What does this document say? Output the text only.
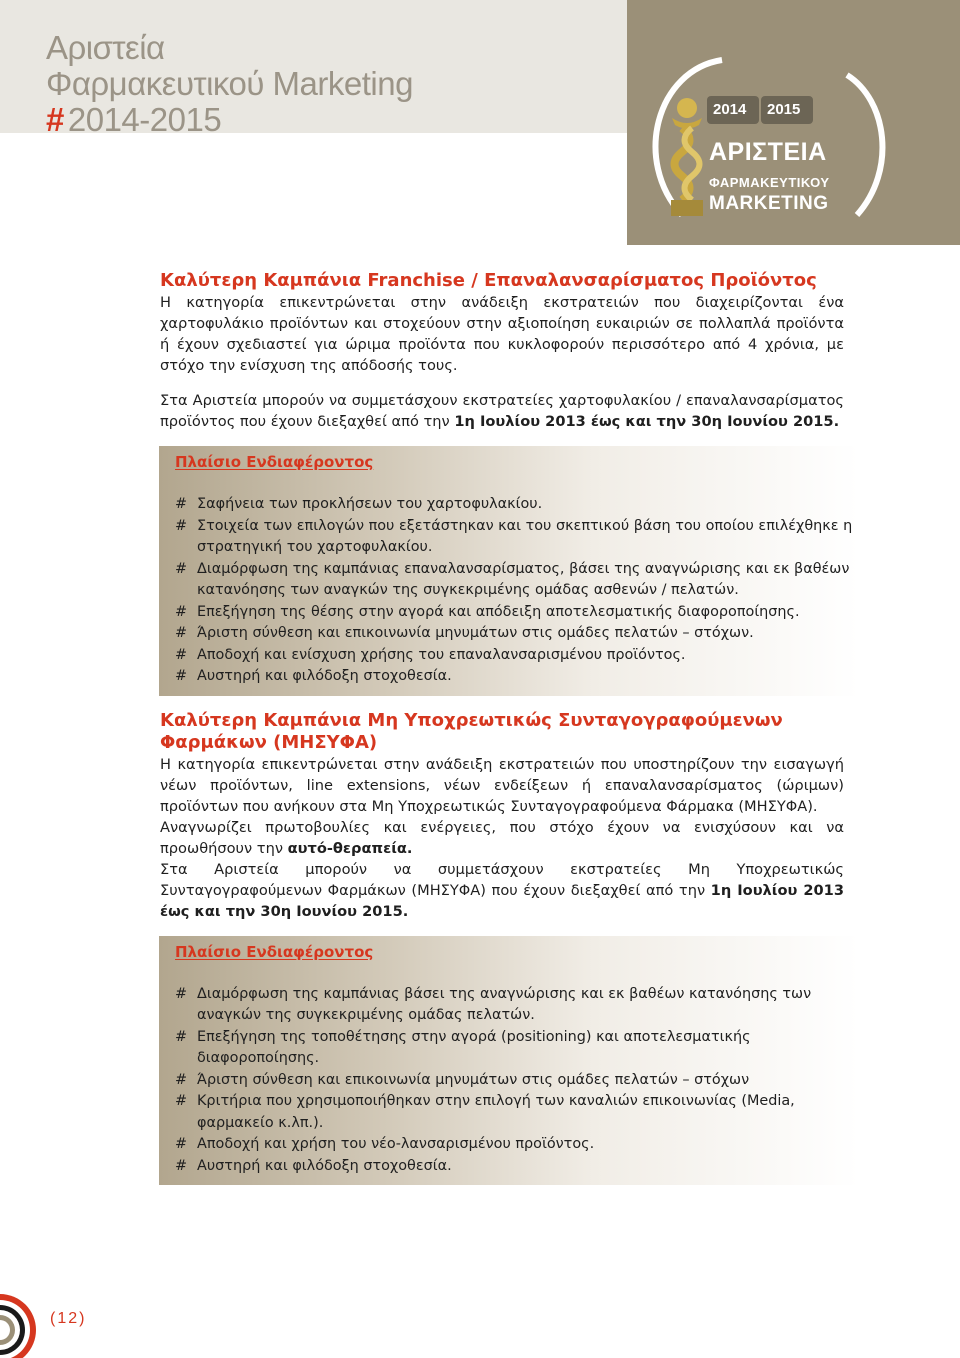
Αριστεία
Φαρμακευτικού Marketing
# 2014-2015	2014 2015
ΑΡΙΣΤΕΙΑ
ΦΑΡΜΑΚΕΥΤΙΚΟΥ
MARKETING
Καλύτερη Καμπάνια Franchise / Επαναλανσαρίσματος Προϊόντος

Η κατηγορία επικεντρώνεται στην ανάδειξη εκστρατειών που διαχειρίζονται ένα χαρτοφυλάκιο προϊόντων και στοχεύουν στην αξιοποίηση ευκαιριών σε πολλαπλά προϊόντα ή έχουν σχεδιαστεί για ώριμα προϊόντα που κυκλοφορούν περισσότερο από 4 χρόνια, με στόχο την ενίσχυση της απόδοσής τους.

Στα Αριστεία μπορούν να συμμετάσχουν εκστρατείες χαρτοφυλακίου / επαναλανσαρίσματος προϊόντος που έχουν διεξαχθεί από την 1η Ιουλίου 2013 έως και την 30η Ιουνίου 2015.

Πλαίσιο Ενδιαφέροντος

# Σαφήνεια των προκλήσεων του χαρτοφυλακίου.
# Στοιχεία των επιλογών που εξετάστηκαν και του σκεπτικού βάση του οποίου επιλέχθηκε η στρατηγική του χαρτοφυλακίου.
# Διαμόρφωση της καμπάνιας επαναλανσαρίσματος, βάσει της αναγνώρισης και εκ βαθέων κατανόησης των αναγκών της συγκεκριμένης ομάδας ασθενών / πελατών.
# Επεξήγηση της θέσης στην αγορά και απόδειξη αποτελεσματικής διαφοροποίησης.
# Άριστη σύνθεση και επικοινωνία μηνυμάτων στις ομάδες πελατών – στόχων.
# Αποδοχή και ενίσχυση χρήσης του επαναλανσαρισμένου προϊόντος.
# Αυστηρή και φιλόδοξη στοχοθεσία.
Καλύτερη Καμπάνια Μη Υποχρεωτικώς Συνταγογραφούμενων Φαρμάκων (ΜΗΣΥΦΑ)

Η κατηγορία επικεντρώνεται στην ανάδειξη εκστρατειών που υποστηρίζουν την εισαγωγή νέων προϊόντων, line extensions, νέων ενδείξεων ή επαναλανσαρίσματος (ώριμων) προϊόντων που ανήκουν στα Μη Υποχρεωτικώς Συνταγογραφούμενα Φάρμακα (ΜΗΣΥΦΑ).

Αναγνωρίζει πρωτοβουλίες και ενέργειες, που στόχο έχουν να ενισχύσουν και να προωθήσουν την αυτό-θεραπεία.

Στα Αριστεία μπορούν να συμμετάσχουν εκστρατείες Μη Υποχρεωτικώς Συνταγογραφούμενων Φαρμάκων (ΜΗΣΥΦΑ) που έχουν διεξαχθεί από την 1η Ιουλίου 2013 έως και την 30η Ιουνίου 2015.

Πλαίσιο Ενδιαφέροντος

# Διαμόρφωση της καμπάνιας βάσει της αναγνώρισης και εκ βαθέων κατανόησης των αναγκών της συγκεκριμένης ομάδας πελατών.
# Επεξήγηση της τοποθέτησης στην αγορά (positioning) και αποτελεσματικής διαφοροποίησης.
# Άριστη σύνθεση και επικοινωνία μηνυμάτων στις ομάδες πελατών – στόχων
# Κριτήρια που χρησιμοποιήθηκαν στην επιλογή των καναλιών επικοινωνίας (Media, φαρμακείο κ.λπ.).
# Αποδοχή και χρήση του νέο-λανσαρισμένου προϊόντος.
# Αυστηρή και φιλόδοξη στοχοθεσία.
(12)
